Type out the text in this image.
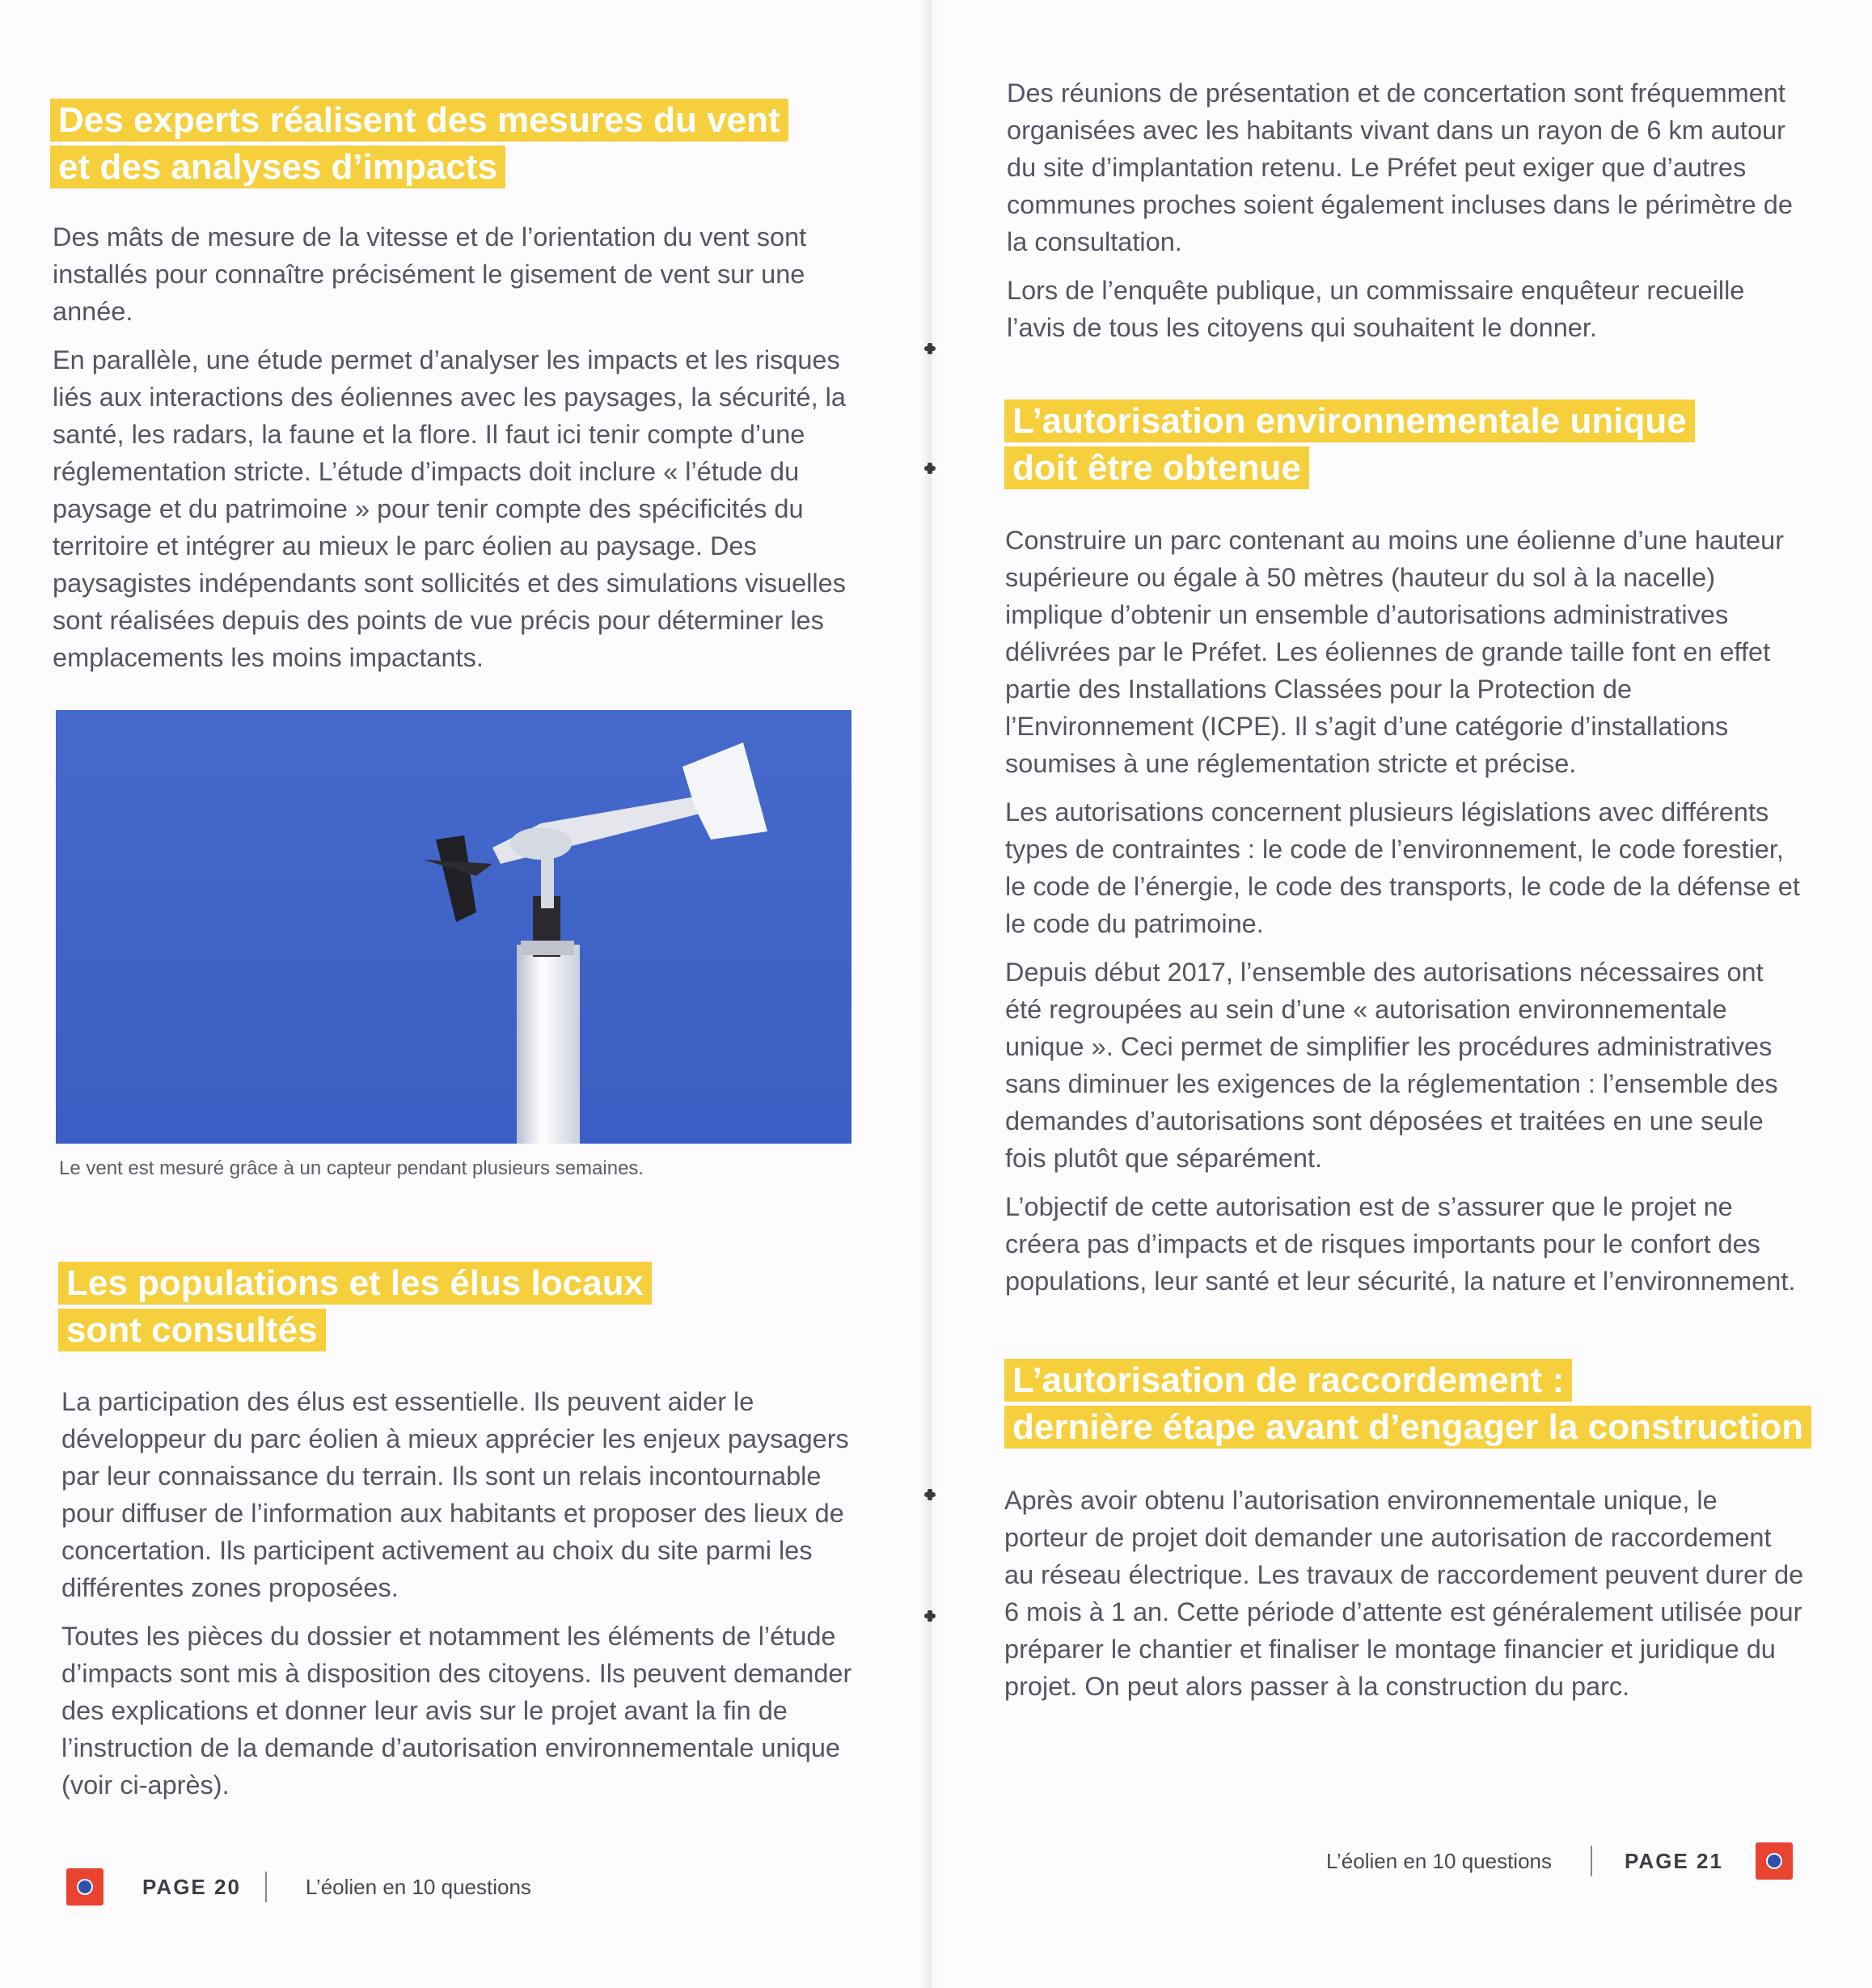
Des experts réalisent des mesures du vent
et des analyses d’impacts

Des mâts de mesure de la vitesse et de l’orientation du vent sont installés pour connaître précisément le gisement de vent sur une année.

En parallèle, une étude permet d’analyser les impacts et les risques liés aux interactions des éoliennes avec les paysages, la sécurité, la santé, les radars, la faune et la flore. Il faut ici tenir compte d’une réglementation stricte. L’étude d’impacts doit inclure « l’étude du paysage et du patrimoine » pour tenir compte des spécificités du territoire et intégrer au mieux le parc éolien au paysage. Des paysagistes indépendants sont sollicités et des simulations visuelles sont réalisées depuis des points de vue précis pour déterminer les emplacements les moins impactants.

Le vent est mesuré grâce à un capteur pendant plusieurs semaines.
Les populations et les élus locaux
sont consultés

La participation des élus est essentielle. Ils peuvent aider le développeur du parc éolien à mieux apprécier les enjeux paysagers par leur connaissance du terrain. Ils sont un relais incontournable pour diffuser de l’information aux habitants et proposer des lieux de concertation. Ils participent activement au choix du site parmi les différentes zones proposées.

Toutes les pièces du dossier et notamment les éléments de l’étude d’impacts sont mis à disposition des citoyens. Ils peuvent demander des explications et donner leur avis sur le projet avant la fin de l’instruction de la demande d’autorisation environnementale unique (voir ci-après).

PAGE 20	L’éolien en 10 questions

Des réunions de présentation et de concertation sont fréquemment organisées avec les habitants vivant dans un rayon de 6 km autour du site d’implantation retenu. Le Préfet peut exiger que d’autres communes proches soient également incluses dans le périmètre de la consultation.

Lors de l’enquête publique, un commissaire enquêteur recueille l’avis de tous les citoyens qui souhaitent le donner.

L’autorisation environnementale unique
doit être obtenue

Construire un parc contenant au moins une éolienne d’une hauteur supérieure ou égale à 50 mètres (hauteur du sol à la nacelle) implique d’obtenir un ensemble d’autorisations administratives délivrées par le Préfet. Les éoliennes de grande taille font en effet partie des Installations Classées pour la Protection de l’Environnement (ICPE). Il s’agit d’une catégorie d’installations soumises à une réglementation stricte et précise.

Les autorisations concernent plusieurs législations avec différents types de contraintes : le code de l’environnement, le code forestier, le code de l’énergie, le code des transports, le code de la défense et le code du patrimoine.

Depuis début 2017, l’ensemble des autorisations nécessaires ont été regroupées au sein d’une « autorisation environnementale unique ». Ceci permet de simplifier les procédures administratives sans diminuer les exigences de la réglementation : l’ensemble des demandes d’autorisations sont déposées et traitées en une seule fois plutôt que séparément.

L’objectif de cette autorisation est de s’assurer que le projet ne créera pas d’impacts et de risques importants pour le confort des populations, leur santé et leur sécurité, la nature et l’environnement.

L’autorisation de raccordement :
dernière étape avant d’engager la construction

Après avoir obtenu l’autorisation environnementale unique, le porteur de projet doit demander une autorisation de raccordement au réseau électrique. Les travaux de raccordement peuvent durer de 6 mois à 1 an. Cette période d’attente est généralement utilisée pour préparer le chantier et finaliser le montage financier et juridique du projet. On peut alors passer à la construction du parc.

L’éolien en 10 questions	PAGE 21
